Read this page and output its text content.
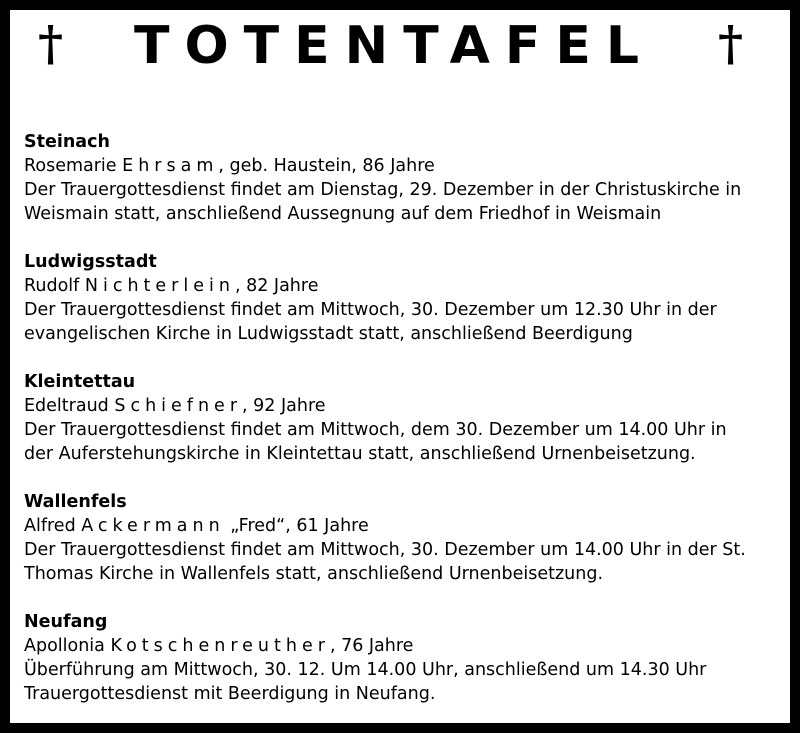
† TOTENTAFEL	†
Steinach
Rosemarie Ehrsam, geb. Haustein, 86 Jahre
Der Trauergottesdienst findet am Dienstag, 29. Dezember in der Christuskirche in
Weismain statt, anschließend Aussegnung auf dem Friedhof in Weismain
Ludwigsstadt
Rudolf Nichterlein, 82 Jahre
Der Trauergottesdienst findet am Mittwoch, 30. Dezember um 12.30 Uhr in der
evangelischen Kirche in Ludwigsstadt statt, anschließend Beerdigung
Kleintettau
Edeltraud Schiefner, 92 Jahre
Der Trauergottesdienst findet am Mittwoch, dem 30. Dezember um 14.00 Uhr in
der Auferstehungskirche in Kleintettau statt, anschließend Urnenbeisetzung.
Wallenfels
Alfred Ackermann „Fred“, 61 Jahre
Der Trauergottesdienst findet am Mittwoch, 30. Dezember um 14.00 Uhr in der St.
Thomas Kirche in Wallenfels statt, anschließend Urnenbeisetzung.
Neufang
Apollonia Kotschenreuther, 76 Jahre
Überführung am Mittwoch, 30. 12. Um 14.00 Uhr, anschließend um 14.30 Uhr
Trauergottesdienst mit Beerdigung in Neufang.
